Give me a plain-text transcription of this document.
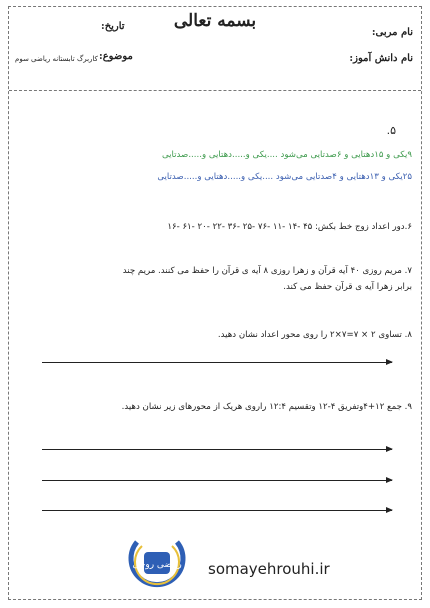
بسمه تعالی
نام مربی:
تاریخ:
نام دانش آموز:
موضوع:
کاربرگ تابستانه ریاضی سوم
۵.
۹یکی و ۱۵دهتایی و ۶صدتایی می‌شود ....یکی و.....دهتایی و.....صدتایی
۲۵یکی و ۱۳دهتایی و ۴صدتایی می‌شود ....یکی و.....دهتایی و.....صدتایی
۶.دور اعداد زوج خط بکش: ۴۵ -۱۴ -۱۱ -۷۶ -۲۵ -۳۶ -۲۲ -۲۰ -۶۱ -۱۶
۷. مریم روزی ۴۰ آیه قرآن و زهرا روزی ۸ آیه ی قرآن را حفظ می کنند. مریم چند
برابر زهرا آیه ی قرآن حفظ می کند.
۸. تساوی ۲ × ۷=۷×۲ را روی محور اعداد نشان دهید.
۹. جمع ۱۲+۴وتفریق ۴-۱۲ وتقسیم ۱۲:۴ راروی هریک از محورهای زیر نشان دهید.
ریاضی روحی somayehrouhi.ir
